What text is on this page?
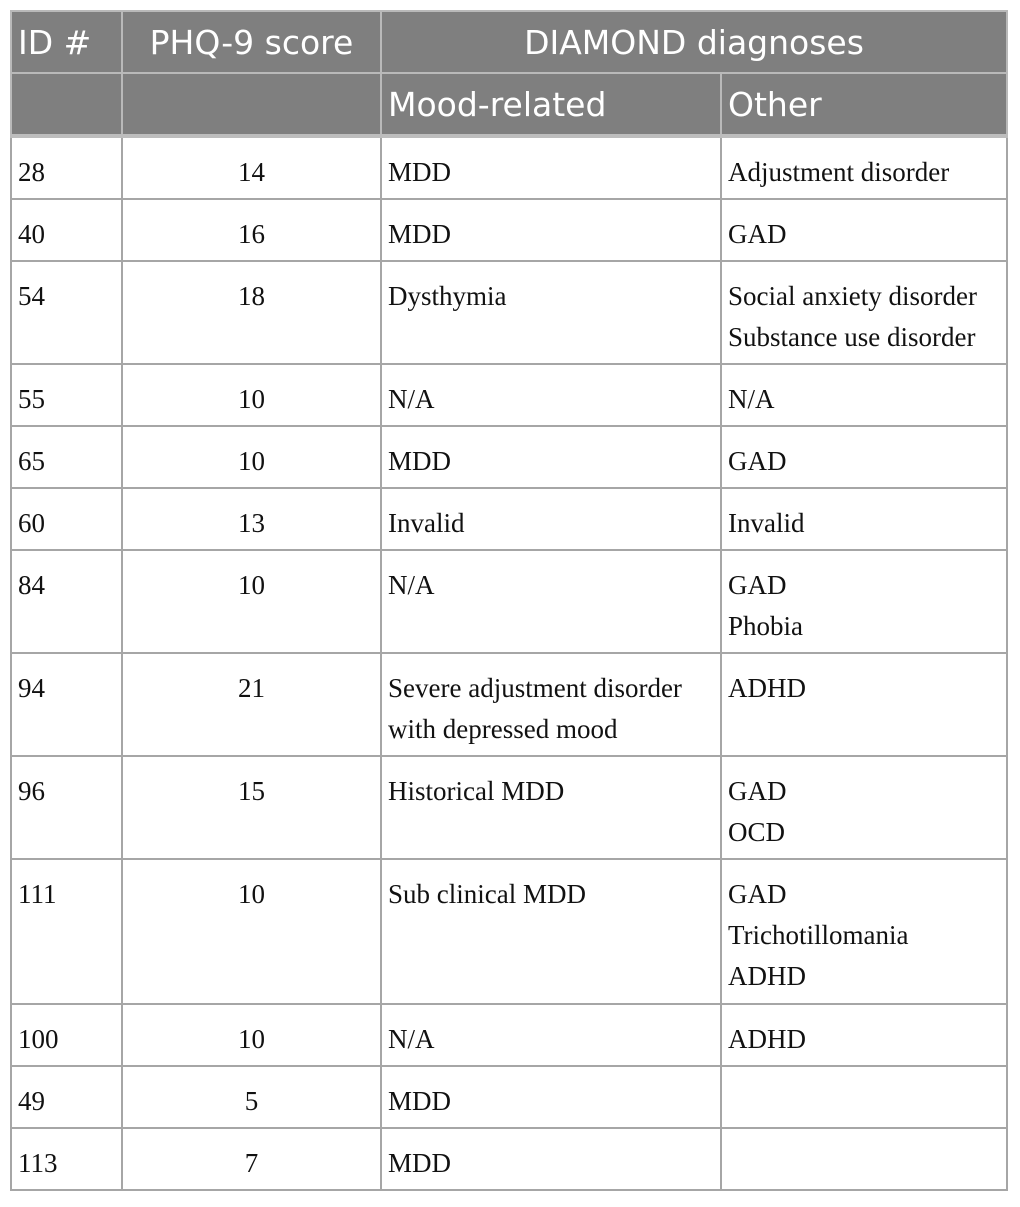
ID #	PHQ-9 score	DIAMOND diagnoses	
		Mood-related	Other
28	14	MDD	Adjustment disorder

40	16	MDD	GAD

54	18	Dysthymia	Social anxiety disorder
Substance use disorder

55	10	N/A	N/A

65	10	MDD	GAD

60	13	Invalid	Invalid

84	10	N/A	GAD
Phobia

94	21	Severe adjustment disorder
with depressed mood	ADHD

96	15	Historical MDD	GAD
OCD

111	10	Sub clinical MDD	GAD
Trichotillomania
ADHD

100	10	N/A	ADHD

49	5	MDD	

113	7	MDD	
